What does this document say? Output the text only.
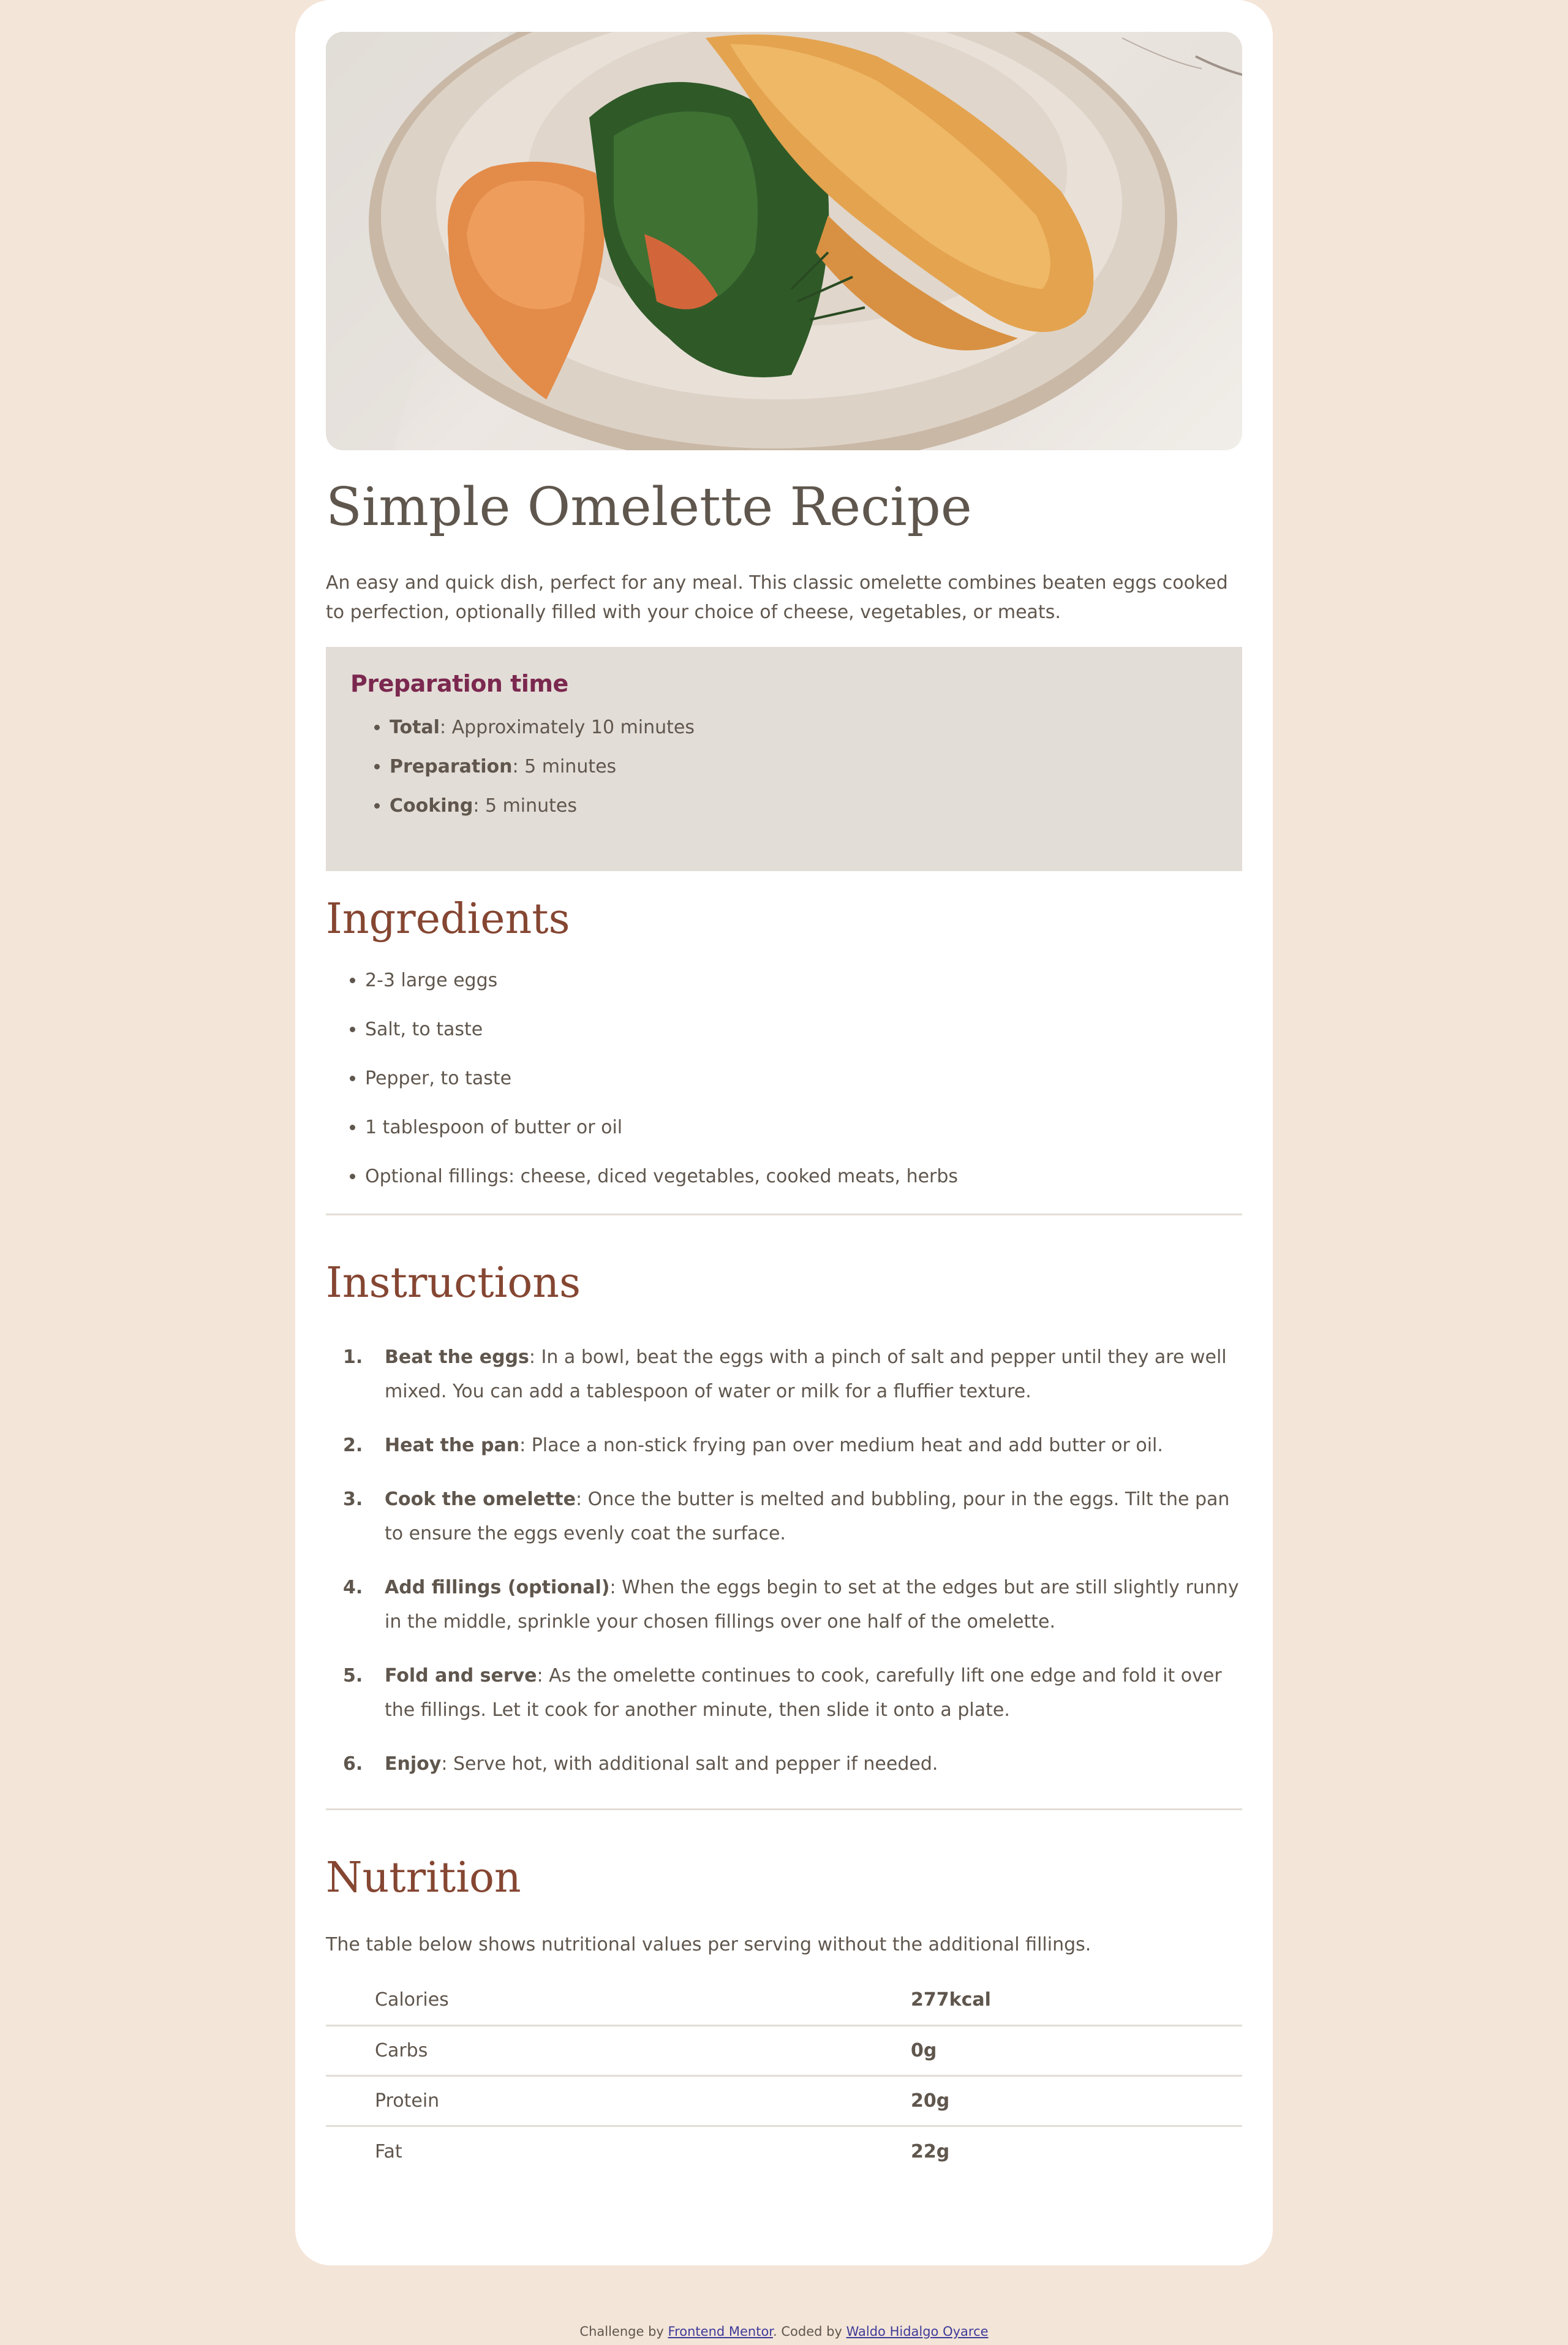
Simple Omelette Recipe

An easy and quick dish, perfect for any meal. This classic omelette combines beaten eggs cooked to perfection, optionally filled with your choice of cheese, vegetables, or meats.

Preparation time
• Total: Approximately 10 minutes
• Preparation: 5 minutes
• Cooking: 5 minutes
Ingredients
• 2-3 large eggs
• Salt, to taste
• Pepper, to taste
• 1 tablespoon of butter or oil
• Optional fillings: cheese, diced vegetables, cooked meats, herbs
Instructions
Beat the eggs: In a bowl, beat the eggs with a pinch of salt and pepper until they are well mixed. You can add a tablespoon of water or milk for a fluffier texture.
Heat the pan: Place a non-stick frying pan over medium heat and add butter or oil.
Cook the omelette: Once the butter is melted and bubbling, pour in the eggs. Tilt the pan to ensure the eggs evenly coat the surface.
Add fillings (optional): When the eggs begin to set at the edges but are still slightly runny in the middle, sprinkle your chosen fillings over one half of the omelette.
Fold and serve: As the omelette continues to cook, carefully lift one edge and fold it over the fillings. Let it cook for another minute, then slide it onto a plate.
Enjoy: Serve hot, with additional salt and pepper if needed.
Nutrition

The table below shows nutritional values per serving without the additional fillings.

Calories	277kcal
Carbs	0g
Protein	20g
Fat	22g
Challenge by Frontend Mentor. Coded by Waldo Hidalgo Oyarce
